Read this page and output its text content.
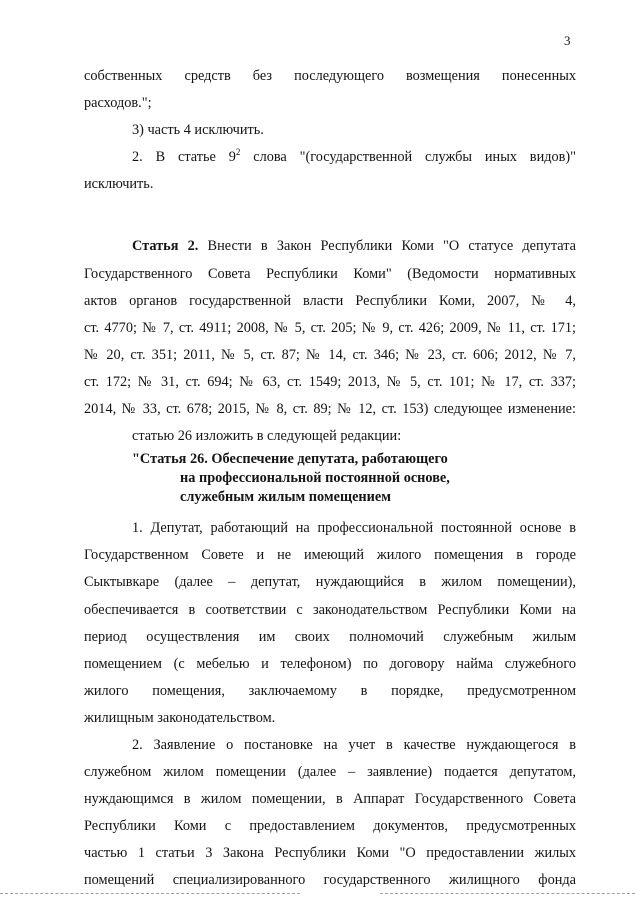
3

собственных средств без последующего возмещения понесенных

расходов.";

3) часть 4 исключить.

2. В статье $9^2$ слова "(государственной службы иных видов)"

исключить.

Статья 2. Внести в Закон Республики Коми "О статусе депутата

Государственного Совета Республики Коми" (Ведомости нормативных

актов органов государственной власти Республики Коми, 2007, № 4,

ст. 4770; № 7, ст. 4911; 2008, № 5, ст. 205; № 9, ст. 426; 2009, № 11, ст. 171;

№ 20, ст. 351; 2011, № 5, ст. 87; № 14, ст. 346; № 23, ст. 606; 2012, № 7,

ст. 172; № 31, ст. 694; № 63, ст. 1549; 2013, № 5, ст. 101; № 17, ст. 337;

2014, № 33, ст. 678; 2015, № 8, ст. 89; № 12, ст. 153) следующее изменение:

статью 26 изложить в следующей редакции:

"Статья 26. Обеспечение депутата, работающего
на профессиональной постоянной основе,
служебным жилым помещением

1. Депутат, работающий на профессиональной постоянной основе в

Государственном Совете и не имеющий жилого помещения в городе

Сыктывкаре (далее – депутат, нуждающийся в жилом помещении),

обеспечивается в соответствии с законодательством Республики Коми на

период осуществления им своих полномочий служебным жилым

помещением (с мебелью и телефоном) по договору найма служебного

жилого помещения, заключаемому в порядке, предусмотренном

жилищным законодательством.

2. Заявление о постановке на учет в качестве нуждающегося в

служебном жилом помещении (далее – заявление) подается депутатом,

нуждающимся в жилом помещении, в Аппарат Государственного Совета

Республики Коми с предоставлением документов, предусмотренных

частью 1 статьи 3 Закона Республики Коми "О предоставлении жилых

помещений специализированного государственного жилищного фонда
